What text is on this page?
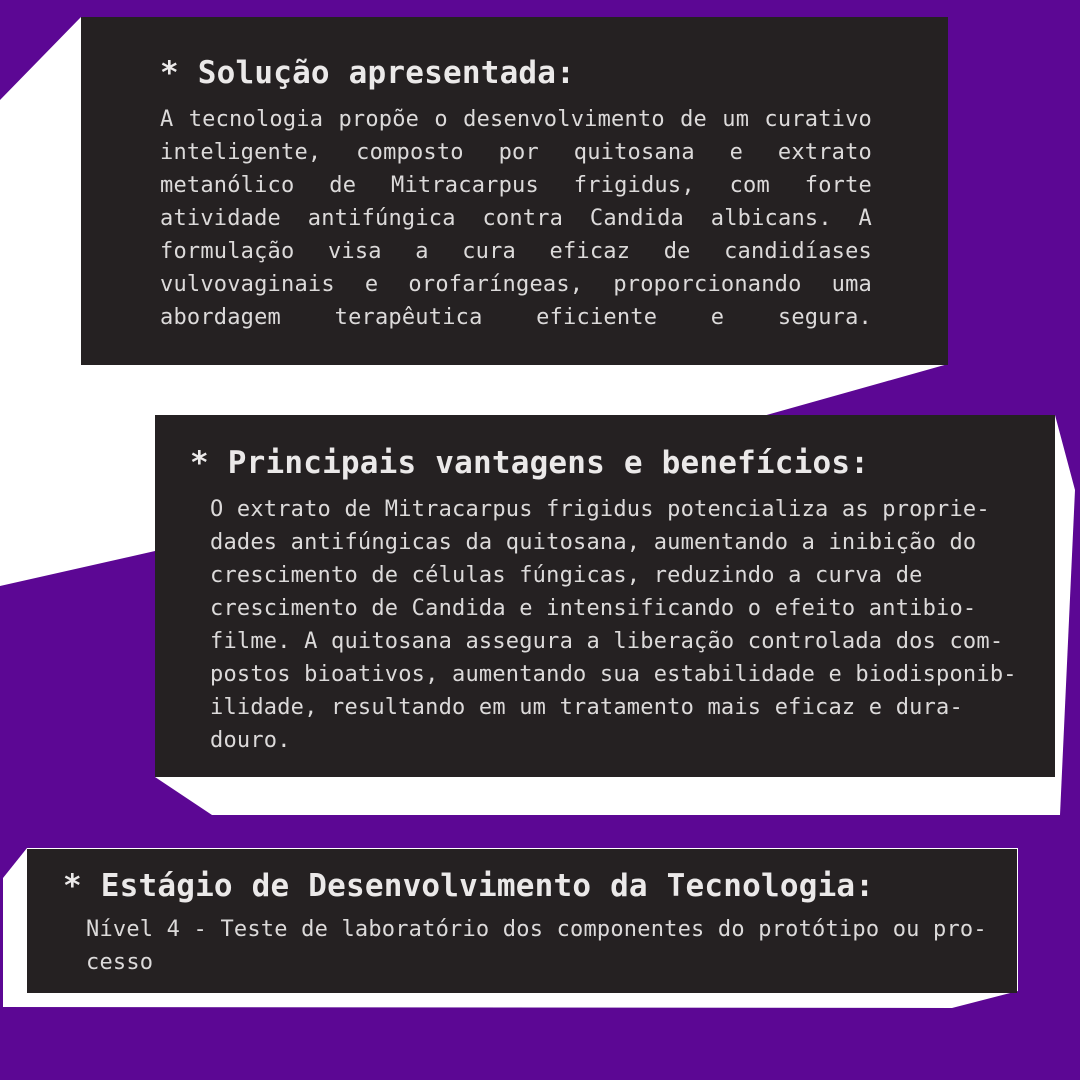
* Solução apresentada:
A tecnologia propõe o desenvolvimento de um curativo
inteligente, composto por quitosana e extrato
metanólico de Mitracarpus frigidus, com forte
atividade antifúngica contra Candida albicans. A
formulação visa a cura eficaz de candidíases
vulvovaginais e orofaríngeas, proporcionando uma
abordagem terapêutica eficiente e segura.
* Principais vantagens e benefícios:
O extrato de Mitracarpus frigidus potencializa as proprie-
dades antifúngicas da quitosana, aumentando a inibição do
crescimento de células fúngicas, reduzindo a curva de
crescimento de Candida e intensificando o efeito antibio-
filme. A quitosana assegura a liberação controlada dos com-
postos bioativos, aumentando sua estabilidade e biodisponib-
ilidade, resultando em um tratamento mais eficaz e dura-
douro.
* Estágio de Desenvolvimento da Tecnologia:
Nível 4 - Teste de laboratório dos componentes do protótipo ou pro-
cesso
